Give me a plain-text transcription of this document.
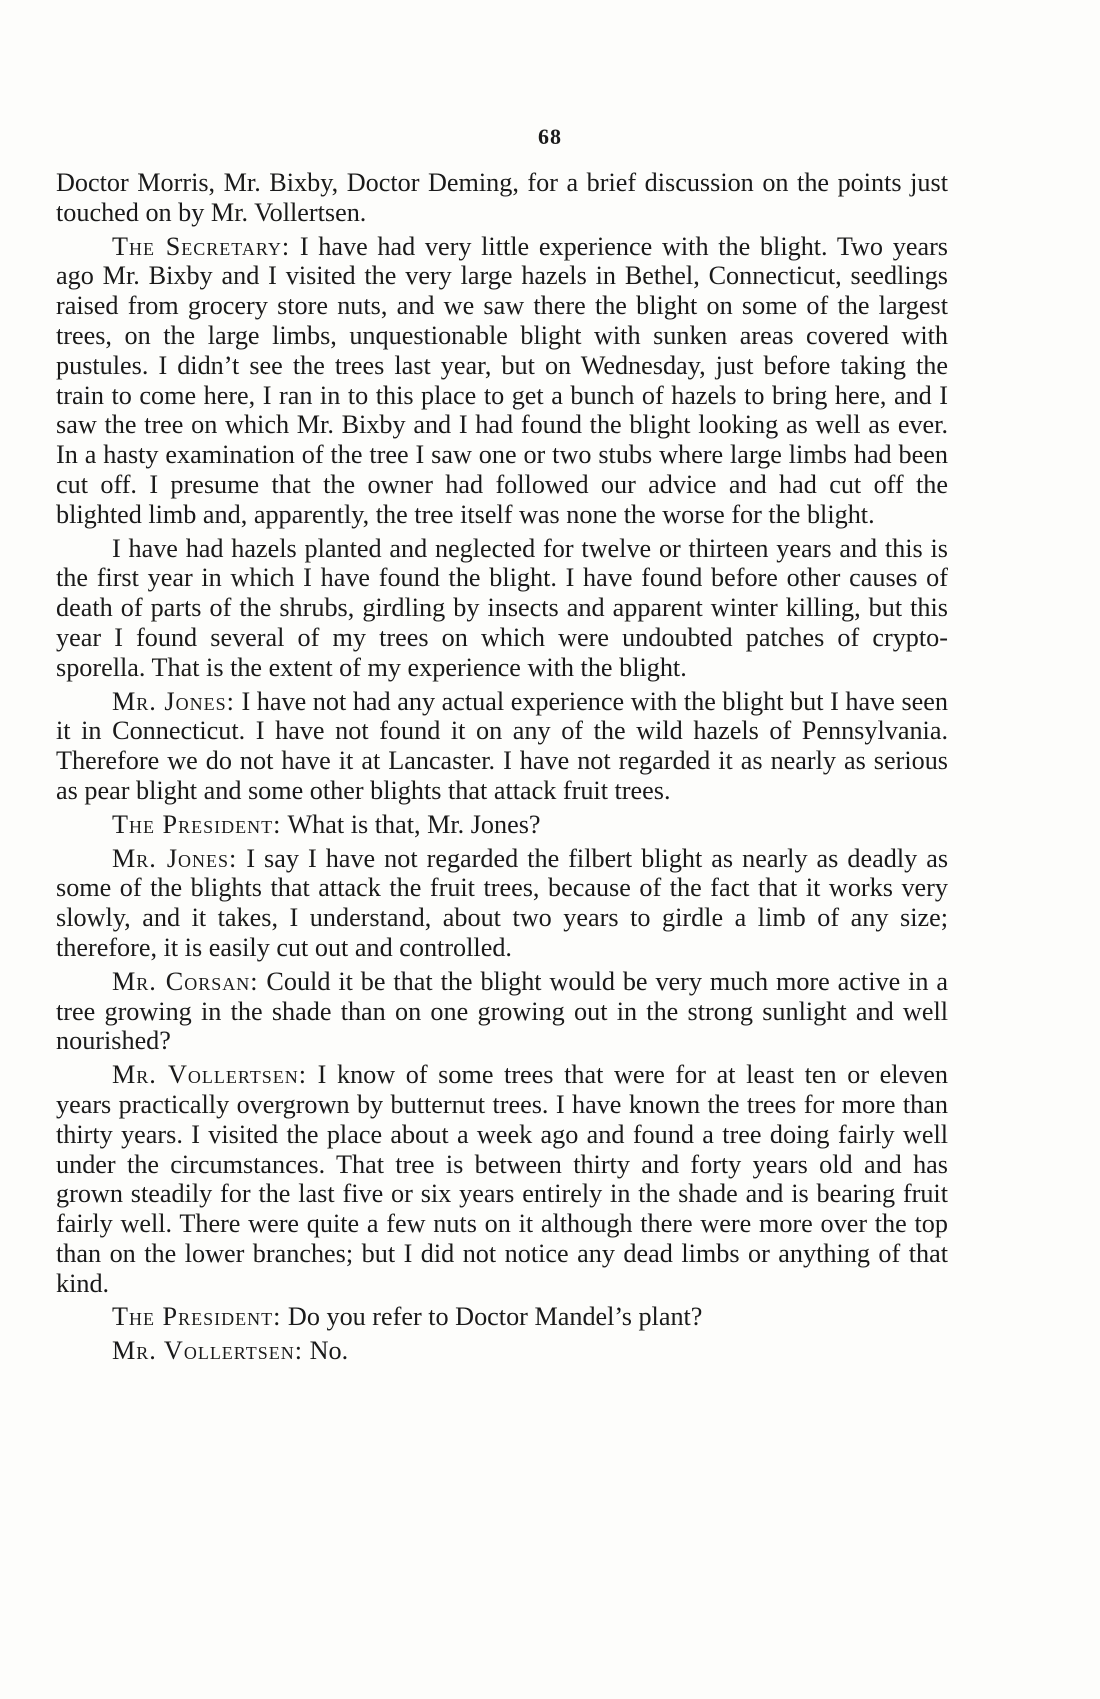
68

Doctor Morris, Mr. Bixby, Doctor Deming, for a brief discussion on the points just touched on by Mr. Vollertsen.

The Secretary: I have had very little experience with the blight. Two years ago Mr. Bixby and I visited the very large hazels in Bethel, Connecticut, seedlings raised from grocery store nuts, and we saw there the blight on some of the largest trees, on the large limbs, unquestionable blight with sunken areas covered with pustules. I didn’t see the trees last year, but on Wednesday, just before taking the train to come here, I ran in to this place to get a bunch of hazels to bring here, and I saw the tree on which Mr. Bixby and I had found the blight looking as well as ever. In a hasty examination of the tree I saw one or two stubs where large limbs had been cut off. I presume that the owner had followed our advice and had cut off the blighted limb and, apparently, the tree itself was none the worse for the blight.

I have had hazels planted and neglected for twelve or thirteen years and this is the first year in which I have found the blight. I have found before other causes of death of parts of the shrubs, girdling by insects and apparent winter killing, but this year I found several of my trees on which were undoubted patches of crypto-sporella. That is the extent of my experience with the blight.

Mr. Jones: I have not had any actual experience with the blight but I have seen it in Connecticut. I have not found it on any of the wild hazels of Pennsylvania. Therefore we do not have it at Lancaster. I have not regarded it as nearly as serious as pear blight and some other blights that attack fruit trees.

The President: What is that, Mr. Jones?

Mr. Jones: I say I have not regarded the filbert blight as nearly as deadly as some of the blights that attack the fruit trees, because of the fact that it works very slowly, and it takes, I understand, about two years to girdle a limb of any size; therefore, it is easily cut out and controlled.

Mr. Corsan: Could it be that the blight would be very much more active in a tree growing in the shade than on one growing out in the strong sunlight and well nourished?

Mr. Vollertsen: I know of some trees that were for at least ten or eleven years practically overgrown by butternut trees. I have known the trees for more than thirty years. I visited the place about a week ago and found a tree doing fairly well under the circumstances. That tree is between thirty and forty years old and has grown steadily for the last five or six years entirely in the shade and is bearing fruit fairly well. There were quite a few nuts on it although there were more over the top than on the lower branches; but I did not notice any dead limbs or anything of that kind.

The President: Do you refer to Doctor Mandel’s plant?

Mr. Vollertsen: No.
